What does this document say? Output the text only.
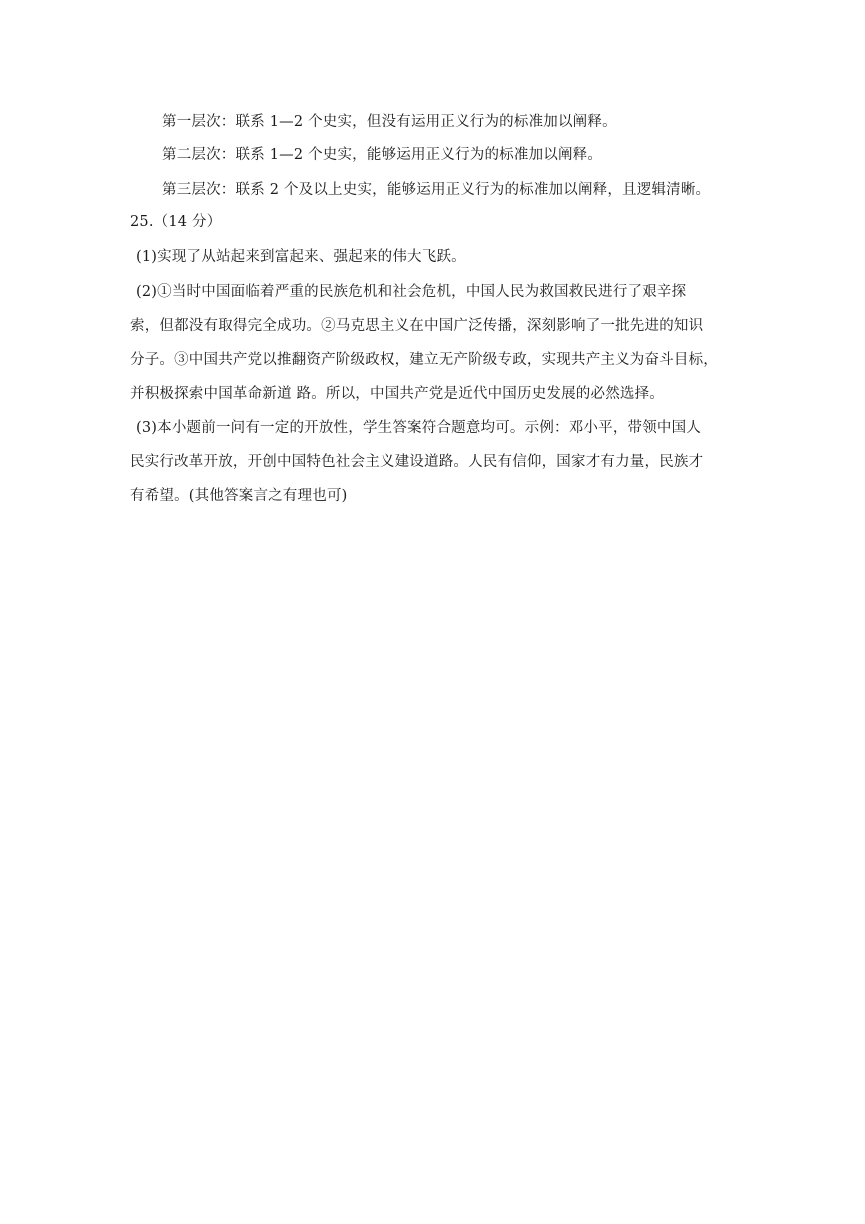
第一层次：联系 1—2 个史实，但没有运用正义行为的标准加以阐释。
第二层次：联系 1—2 个史实，能够运用正义行为的标准加以阐释。
第三层次：联系 2 个及以上史实，能够运用正义行为的标准加以阐释，且逻辑清晰。
25.（14 分）
(1)实现了从站起来到富起来、强起来的伟大飞跃。
(2)①当时中国面临着严重的民族危机和社会危机，中国人民为救国救民进行了艰辛探
索，但都没有取得完全成功。②马克思主义在中国广泛传播，深刻影响了一批先进的知识
分子。③中国共产党以推翻资产阶级政权，建立无产阶级专政，实现共产主义为奋斗目标，
并积极探索中国革命新道 路。所以，中国共产党是近代中国历史发展的必然选择。
(3)本小题前一问有一定的开放性，学生答案符合题意均可。示例：邓小平，带领中国人
民实行改革开放，开创中国特色社会主义建设道路。人民有信仰，国家才有力量，民族才
有希望。(其他答案言之有理也可)
